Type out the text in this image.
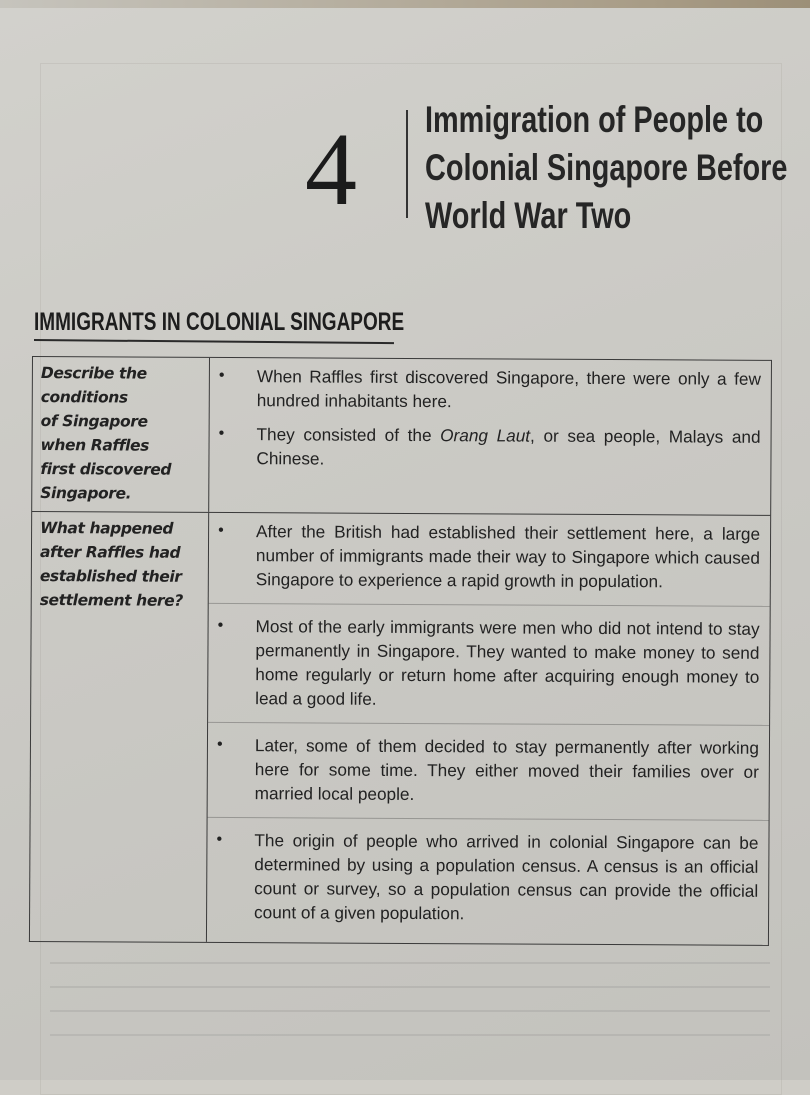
4 Immigration of People to
Colonial Singapore Before
World War Two
IMMIGRANTS IN COLONIAL SINGAPORE
Describe the
conditions
of Singapore
when Raffles
first discovered
Singapore.
•	When Raffles first discovered Singapore, there were only a few hundred inhabitants here.
•	They consisted of the Orang Laut, or sea people, Malays and Chinese.
What happened
after Raffles had
established their
settlement here?
•	After the British had established their settlement here, a large number of immigrants made their way to Singapore which caused Singapore to experience a rapid growth in population.
•	Most of the early immigrants were men who did not intend to stay permanently in Singapore. They wanted to make money to send home regularly or return home after acquiring enough money to lead a good life.
•	Later, some of them decided to stay permanently after working here for some time. They either moved their families over or married local people.
•	The origin of people who arrived in colonial Singapore can be determined by using a population census. A census is an official count or survey, so a population census can provide the official count of a given population.
